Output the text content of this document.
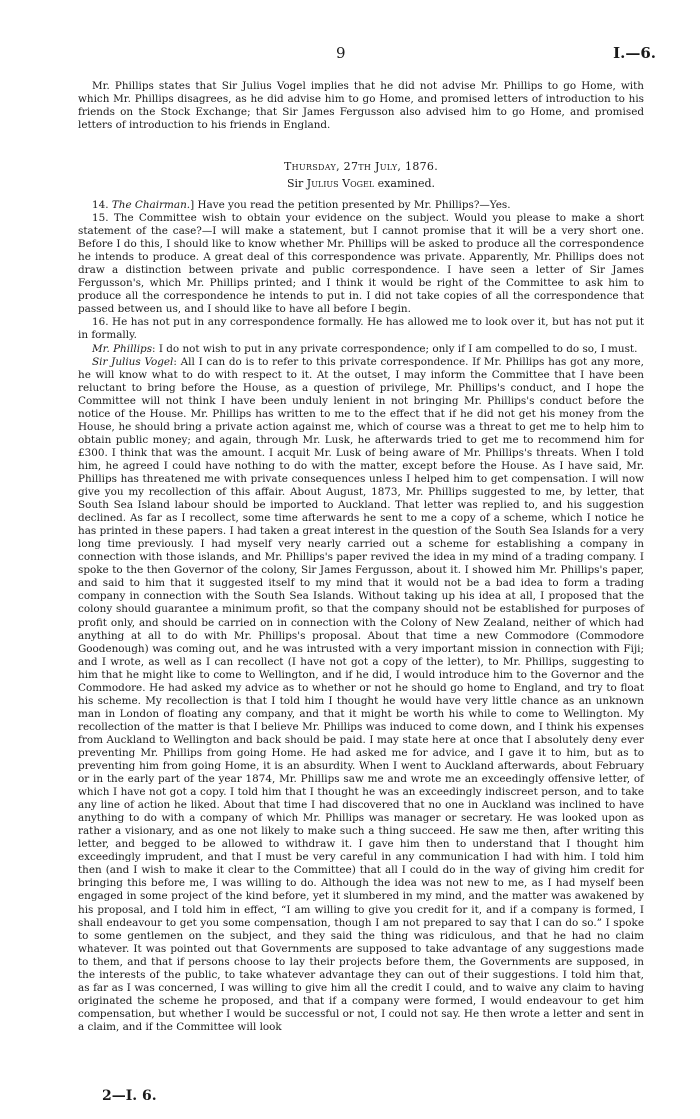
9	I.—6.
Mr. Phillips states that Sir Julius Vogel implies that he did not advise Mr. Phillips to go Home, with which Mr. Phillips disagrees, as he did advise him to go Home, and promised letters of introduction to his friends on the Stock Exchange; that Sir James Fergusson also advised him to go Home, and promised letters of introduction to his friends in England.
Thursday, 27th July, 1876.
Sir Julius Vogel examined.

14. The Chairman.] Have you read the petition presented by Mr. Phillips?—Yes.

15. The Committee wish to obtain your evidence on the subject. Would you please to make a short statement of the case?—I will make a statement, but I cannot promise that it will be a very short one. Before I do this, I should like to know whether Mr. Phillips will be asked to produce all the correspondence he intends to produce. A great deal of this correspondence was private. Apparently, Mr. Phillips does not draw a distinction between private and public correspondence. I have seen a letter of Sir James Fergusson's, which Mr. Phillips printed; and I think it would be right of the Committee to ask him to produce all the correspondence he intends to put in. I did not take copies of all the correspondence that passed between us, and I should like to have all before I begin.

16. He has not put in any correspondence formally. He has allowed me to look over it, but has not put it in formally.

Mr. Phillips: I do not wish to put in any private correspondence; only if I am compelled to do so, I must.

Sir Julius Vogel: All I can do is to refer to this private correspondence. If Mr. Phillips has got any more, he will know what to do with respect to it. At the outset, I may inform the Committee that I have been reluctant to bring before the House, as a question of privilege, Mr. Phillips's conduct, and I hope the Committee will not think I have been unduly lenient in not bringing Mr. Phillips's conduct before the notice of the House. Mr. Phillips has written to me to the effect that if he did not get his money from the House, he should bring a private action against me, which of course was a threat to get me to help him to obtain public money; and again, through Mr. Lusk, he afterwards tried to get me to recommend him for £300. I think that was the amount. I acquit Mr. Lusk of being aware of Mr. Phillips's threats. When I told him, he agreed I could have nothing to do with the matter, except before the House. As I have said, Mr. Phillips has threatened me with private consequences unless I helped him to get compensation. I will now give you my recollection of this affair. About August, 1873, Mr. Phillips suggested to me, by letter, that South Sea Island labour should be imported to Auckland. That letter was replied to, and his suggestion declined. As far as I recollect, some time afterwards he sent to me a copy of a scheme, which I notice he has printed in these papers. I had taken a great interest in the question of the South Sea Islands for a very long time previously. I had myself very nearly carried out a scheme for establishing a company in connection with those islands, and Mr. Phillips's paper revived the idea in my mind of a trading company. I spoke to the then Governor of the colony, Sir James Fergusson, about it. I showed him Mr. Phillips's paper, and said to him that it suggested itself to my mind that it would not be a bad idea to form a trading company in connection with the South Sea Islands. Without taking up his idea at all, I proposed that the colony should guarantee a minimum profit, so that the company should not be established for purposes of profit only, and should be carried on in connection with the Colony of New Zealand, neither of which had anything at all to do with Mr. Phillips's proposal. About that time a new Commodore (Commodore Goodenough) was coming out, and he was intrusted with a very important mission in connection with Fiji; and I wrote, as well as I can recollect (I have not got a copy of the letter), to Mr. Phillips, suggesting to him that he might like to come to Wellington, and if he did, I would introduce him to the Governor and the Commodore. He had asked my advice as to whether or not he should go home to England, and try to float his scheme. My recollection is that I told him I thought he would have very little chance as an unknown man in London of floating any company, and that it might be worth his while to come to Wellington. My recollection of the matter is that I believe Mr. Phillips was induced to come down, and I think his expenses from Auckland to Wellington and back should be paid. I may state here at once that I absolutely deny ever preventing Mr. Phillips from going Home. He had asked me for advice, and I gave it to him, but as to preventing him from going Home, it is an absurdity. When I went to Auckland afterwards, about February or in the early part of the year 1874, Mr. Phillips saw me and wrote me an exceedingly offensive letter, of which I have not got a copy. I told him that I thought he was an exceedingly indiscreet person, and to take any line of action he liked. About that time I had discovered that no one in Auckland was inclined to have anything to do with a company of which Mr. Phillips was manager or secretary. He was looked upon as rather a visionary, and as one not likely to make such a thing succeed. He saw me then, after writing this letter, and begged to be allowed to withdraw it. I gave him then to understand that I thought him exceedingly imprudent, and that I must be very careful in any communication I had with him. I told him then (and I wish to make it clear to the Committee) that all I could do in the way of giving him credit for bringing this before me, I was willing to do. Although the idea was not new to me, as I had myself been engaged in some project of the kind before, yet it slumbered in my mind, and the matter was awakened by his proposal, and I told him in effect, “I am willing to give you credit for it, and if a company is formed, I shall endeavour to get you some compensation, though I am not prepared to say that I can do so.” I spoke to some gentlemen on the subject, and they said the thing was ridiculous, and that he had no claim whatever. It was pointed out that Governments are supposed to take advantage of any suggestions made to them, and that if persons choose to lay their projects before them, the Governments are supposed, in the interests of the public, to take whatever advantage they can out of their suggestions. I told him that, as far as I was concerned, I was willing to give him all the credit I could, and to waive any claim to having originated the scheme he proposed, and that if a company were formed, I would endeavour to get him compensation, but whether I would be successful or not, I could not say. He then wrote a letter and sent in a claim, and if the Committee will look

2—I. 6.
